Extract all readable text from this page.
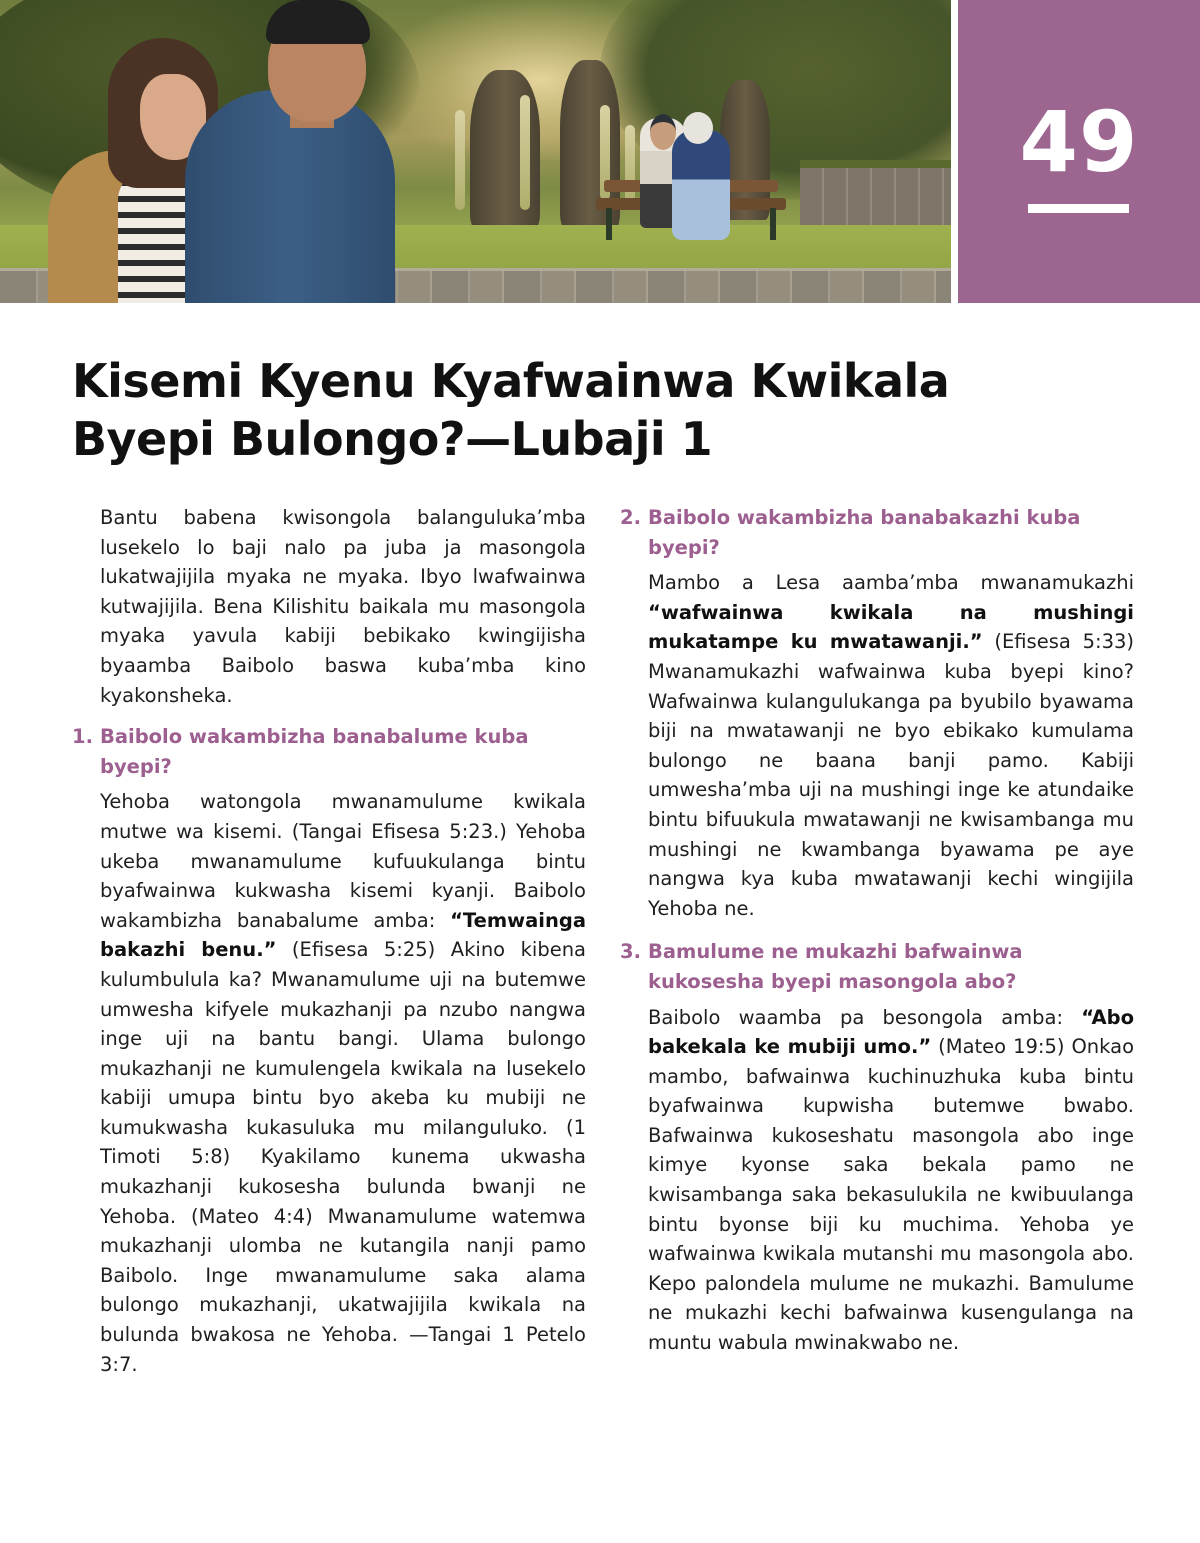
49
Kisemi Kyenu Kyafwainwa Kwikala
Byepi Bulongo?—Lubaji 1

Bantu babena kwisongola balanguluka’mba lusekelo lo baji nalo pa juba ja masongola lukatwajijila myaka ne myaka. Ibyo lwafwainwa kutwajijila. Bena Kilishitu baikala mu masongola myaka yavula kabiji bebikako kwingijisha byaamba Baibolo baswa kuba’mba kino kyakonsheka.

1. Baibolo wakambizha banabalume kuba byepi?

Yehoba watongola mwanamulume kwikala mutwe wa kisemi. (Tangai Efisesa 5:23.) Yehoba ukeba mwanamulume kufuukulanga bintu byafwainwa kukwasha kisemi kyanji. Baibolo wakambizha banabalume amba: “Temwainga bakazhi benu.” (Efisesa 5:25) Akino kibena kulumbulula ka? Mwanamulume uji na butemwe umwesha kifyele mukazhanji pa nzubo nangwa inge uji na bantu bangi. Ulama bulongo mukazhanji ne kumulengela kwikala na lusekelo kabiji umupa bintu byo akeba ku mubiji ne kumukwasha kukasuluka mu milanguluko. (1 Timoti 5:8) Kyakilamo kunema ukwasha mukazhanji kukosesha bulunda bwanji ne Yehoba. (Mateo 4:4) Mwanamulume watemwa mukazhanji ulomba ne kutangila nanji pamo Baibolo. Inge mwanamulume saka alama bulongo mukazhanji, ukatwajijila kwikala na bulunda bwakosa ne Yehoba. —Tangai 1 Petelo 3:7.

2. Baibolo wakambizha banabakazhi kuba byepi?

Mambo a Lesa aamba’mba mwanamukazhi “wafwainwa kwikala na mushingi mukatampe ku mwatawanji.” (Efisesa 5:33) Mwanamukazhi wafwainwa kuba byepi kino? Wafwainwa kulangulukanga pa byubilo byawama biji na mwatawanji ne byo ebikako kumulama bulongo ne baana banji pamo. Kabiji umwesha’mba uji na mushingi inge ke atundaike bintu bifuukula mwatawanji ne kwisambanga mu mushingi ne kwambanga byawama pe aye nangwa kya kuba mwatawanji kechi wingijila Yehoba ne.

3. Bamulume ne mukazhi bafwainwa kukosesha byepi masongola abo?

Baibolo waamba pa besongola amba: “Abo bakekala ke mubiji umo.” (Mateo 19:5) Onkao mambo, bafwainwa kuchinuzhuka kuba bintu byafwainwa kupwisha butemwe bwabo. Bafwainwa kukoseshatu masongola abo inge kimye kyonse saka bekala pamo ne kwisambanga saka bekasulukila ne kwibuulanga bintu byonse biji ku muchima. Yehoba ye wafwainwa kwikala mutanshi mu masongola abo. Kepo palondela mulume ne mukazhi. Bamulume ne mukazhi kechi bafwainwa kusengulanga na muntu wabula mwinakwabo ne.
